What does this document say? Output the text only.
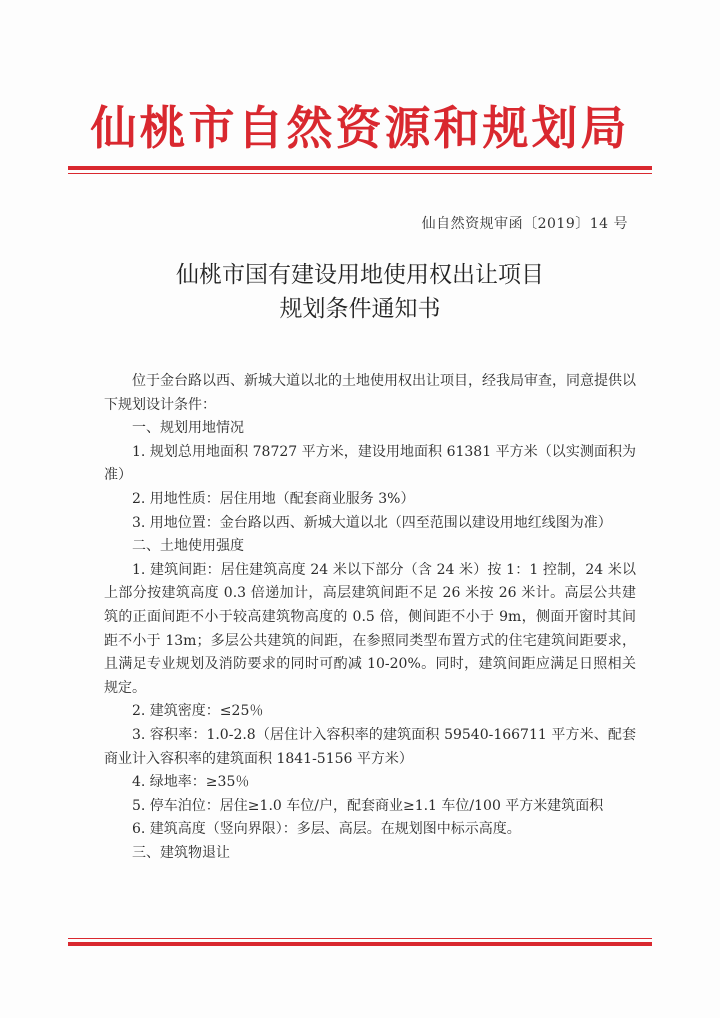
仙桃市自然资源和规划局
仙自然资规审函〔2019〕14 号
仙桃市国有建设用地使用权出让项目
规划条件通知书

位于金台路以西、新城大道以北的土地使用权出让项目，经我局审查，同意提供以下规划设计条件：

一、规划用地情况

1. 规划总用地面积 78727 平方米，建设用地面积 61381 平方米（以实测面积为准）

2. 用地性质：居住用地（配套商业服务 3%）

3. 用地位置：金台路以西、新城大道以北（四至范围以建设用地红线图为准）

二、土地使用强度

1. 建筑间距：居住建筑高度 24 米以下部分（含 24 米）按 1：1 控制，24 米以上部分按建筑高度 0.3 倍递加计，高层建筑间距不足 26 米按 26 米计。高层公共建筑的正面间距不小于较高建筑物高度的 0.5 倍，侧间距不小于 9m，侧面开窗时其间距不小于 13m；多层公共建筑的间距，在参照同类型布置方式的住宅建筑间距要求，且满足专业规划及消防要求的同时可酌减 10-20%。同时，建筑间距应满足日照相关规定。

2. 建筑密度：≤25％

3. 容积率：1.0-2.8（居住计入容积率的建筑面积 59540-166711 平方米、配套商业计入容积率的建筑面积 1841-5156 平方米）

4. 绿地率：≥35％

5. 停车泊位：居住≥1.0 车位/户，配套商业≥1.1 车位/100 平方米建筑面积

6. 建筑高度（竖向界限）：多层、高层。在规划图中标示高度。

三、建筑物退让
